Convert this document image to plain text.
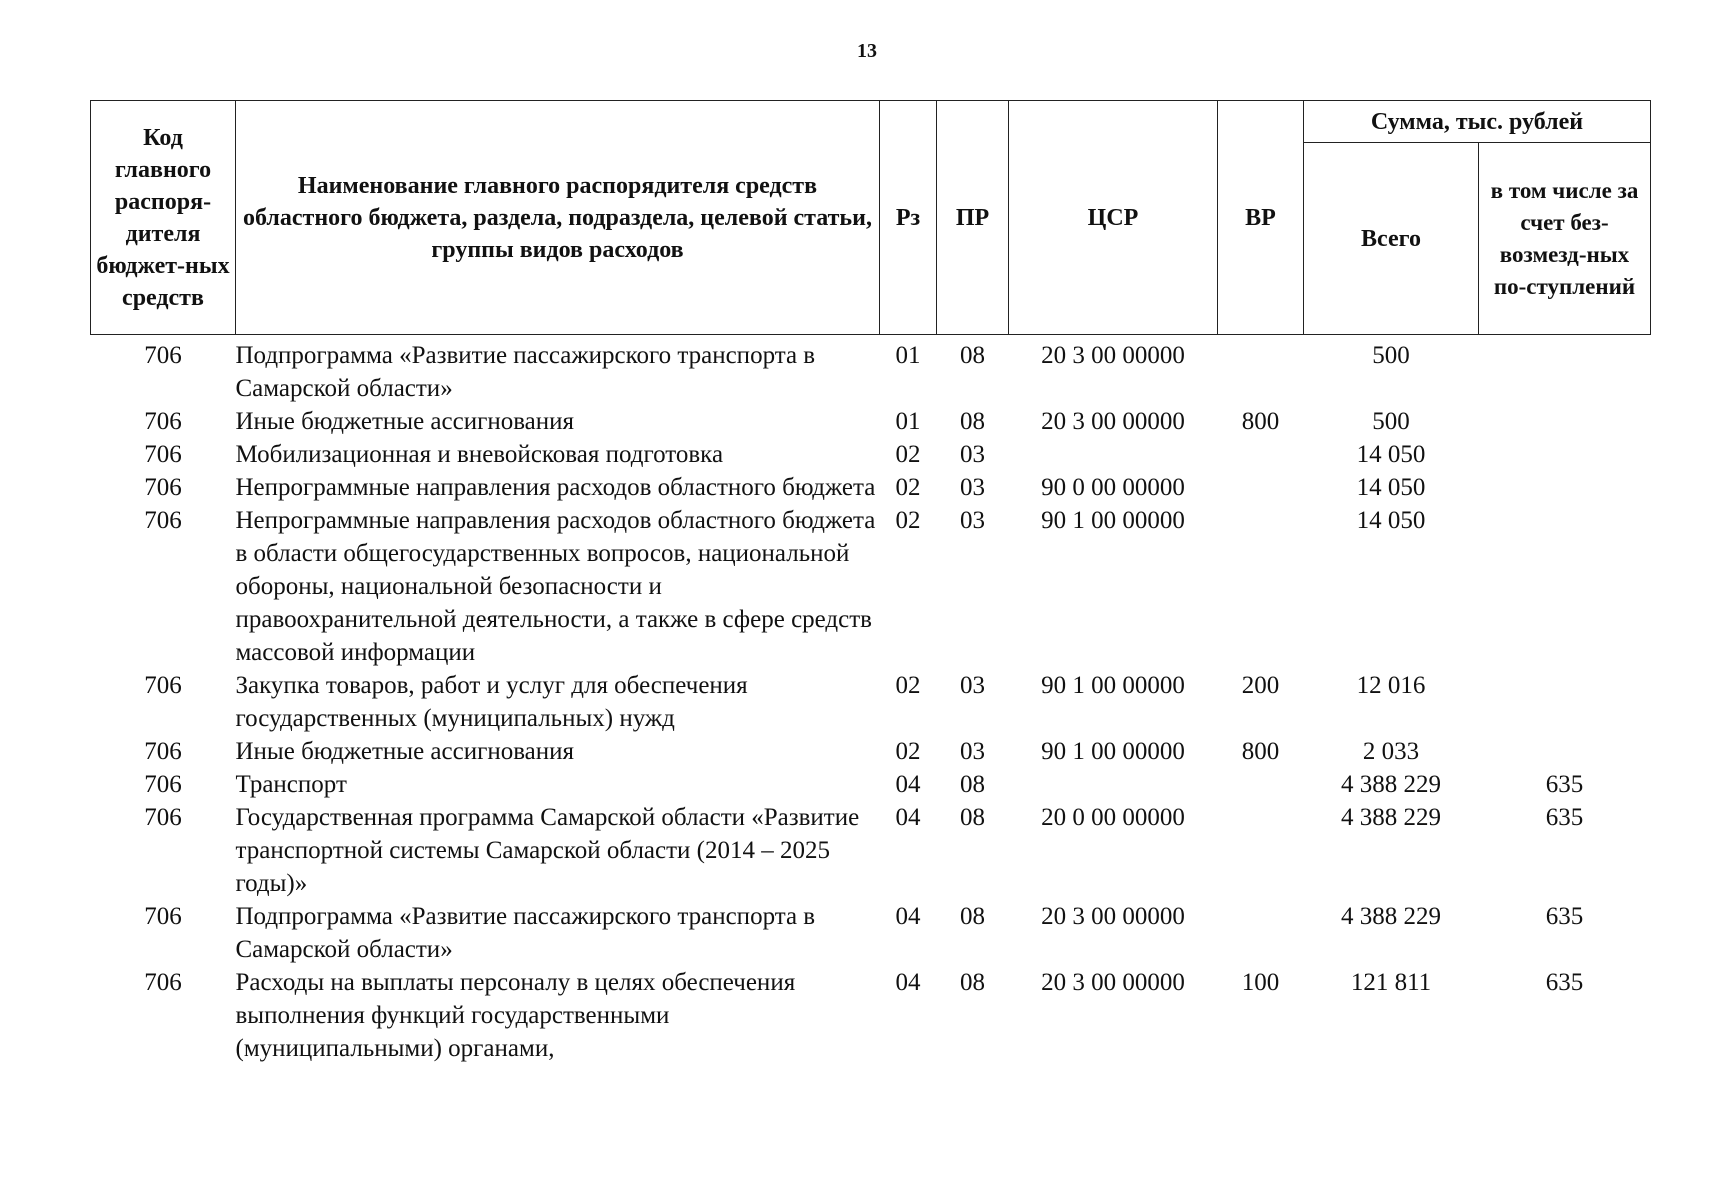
13
Код главного распоря-дителя бюджет-ных средств	Наименование главного распорядителя средств областного бюджета, раздела, подраздела, целевой статьи, группы видов расходов	Рз	ПР	ЦСР	ВР	Сумма, тыс. рублей	
						Всего	в том числе за счет без-возмезд-ных по-ступлений
706	Подпрограмма «Развитие пассажирского транспорта в Самарской области»	01	08	20 3 00 00000		500	
706	Иные бюджетные ассигнования	01	08	20 3 00 00000	800	500	
706	Мобилизационная и вневойсковая подготовка	02	03			14 050	
706	Непрограммные направления расходов областного бюджета	02	03	90 0 00 00000		14 050	
706	Непрограммные направления расходов областного бюджета в области общегосударственных вопросов, национальной обороны, национальной безопасности и правоохранительной деятельности, а также в сфере средств массовой информации	02	03	90 1 00 00000		14 050	
706	Закупка товаров, работ и услуг для обеспечения государственных (муниципальных) нужд	02	03	90 1 00 00000	200	12 016	
706	Иные бюджетные ассигнования	02	03	90 1 00 00000	800	2 033	
706	Транспорт	04	08			4 388 229	635
706	Государственная программа Самарской области «Развитие транспортной системы Самарской области (2014 – 2025 годы)»	04	08	20 0 00 00000		4 388 229	635
706	Подпрограмма «Развитие пассажирского транспорта в Самарской области»	04	08	20 3 00 00000		4 388 229	635
706	Расходы на выплаты персоналу в целях обеспечения выполнения функций государственными (муниципальными) органами,	04	08	20 3 00 00000	100	121 811	635
